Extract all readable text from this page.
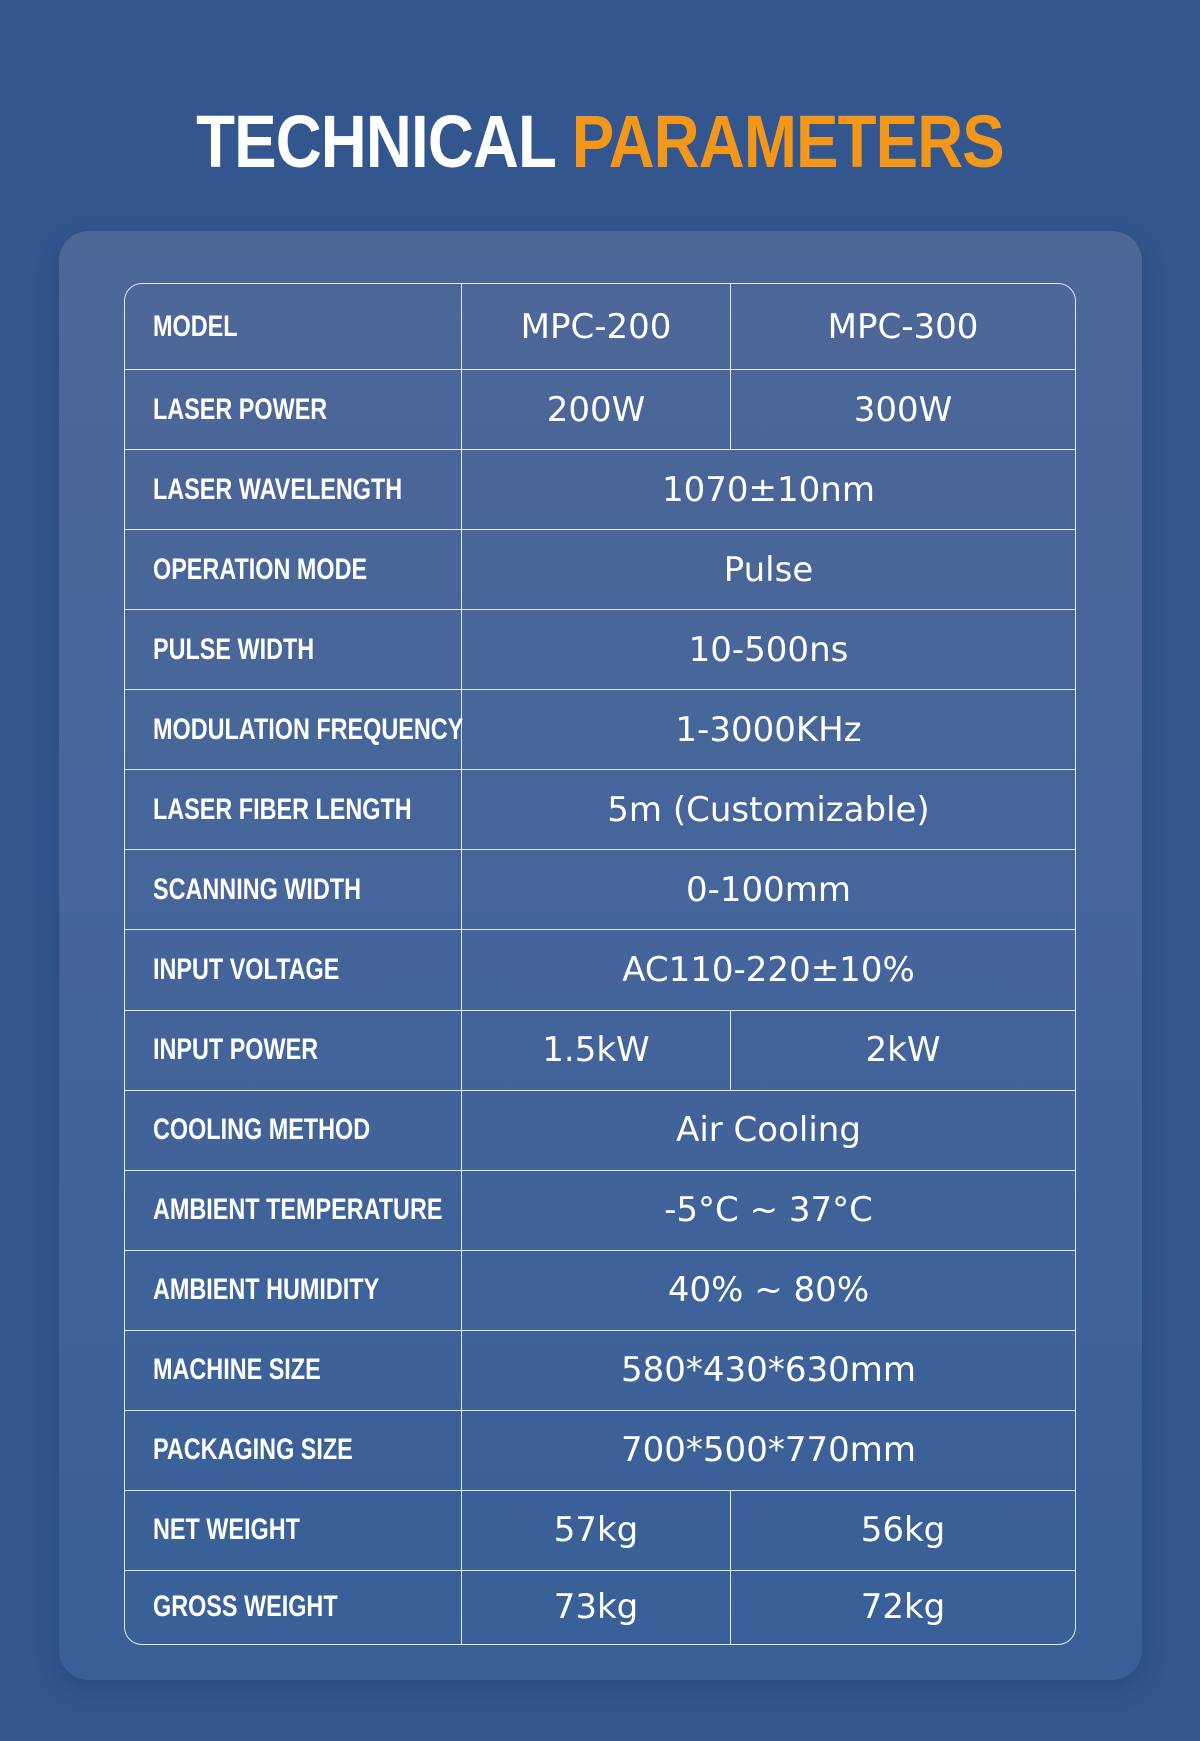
TECHNICAL PARAMETERS
MODEL	MPC-200	MPC-300
LASER POWER	200W	300W
LASER WAVELENGTH	1070±10nm	
OPERATION MODE	Pulse	
PULSE WIDTH	10-500ns	
MODULATION FREQUENCY	1-3000KHz	
LASER FIBER LENGTH	5m (Customizable)	
SCANNING WIDTH	0-100mm	
INPUT VOLTAGE	AC110-220±10%	
INPUT POWER	1.5kW	2kW
COOLING METHOD	Air Cooling	
AMBIENT TEMPERATURE	-5°C ~ 37°C	
AMBIENT HUMIDITY	40% ~ 80%	
MACHINE SIZE	580*430*630mm	
PACKAGING SIZE	700*500*770mm	
NET WEIGHT	57kg	56kg
GROSS WEIGHT	73kg	72kg
